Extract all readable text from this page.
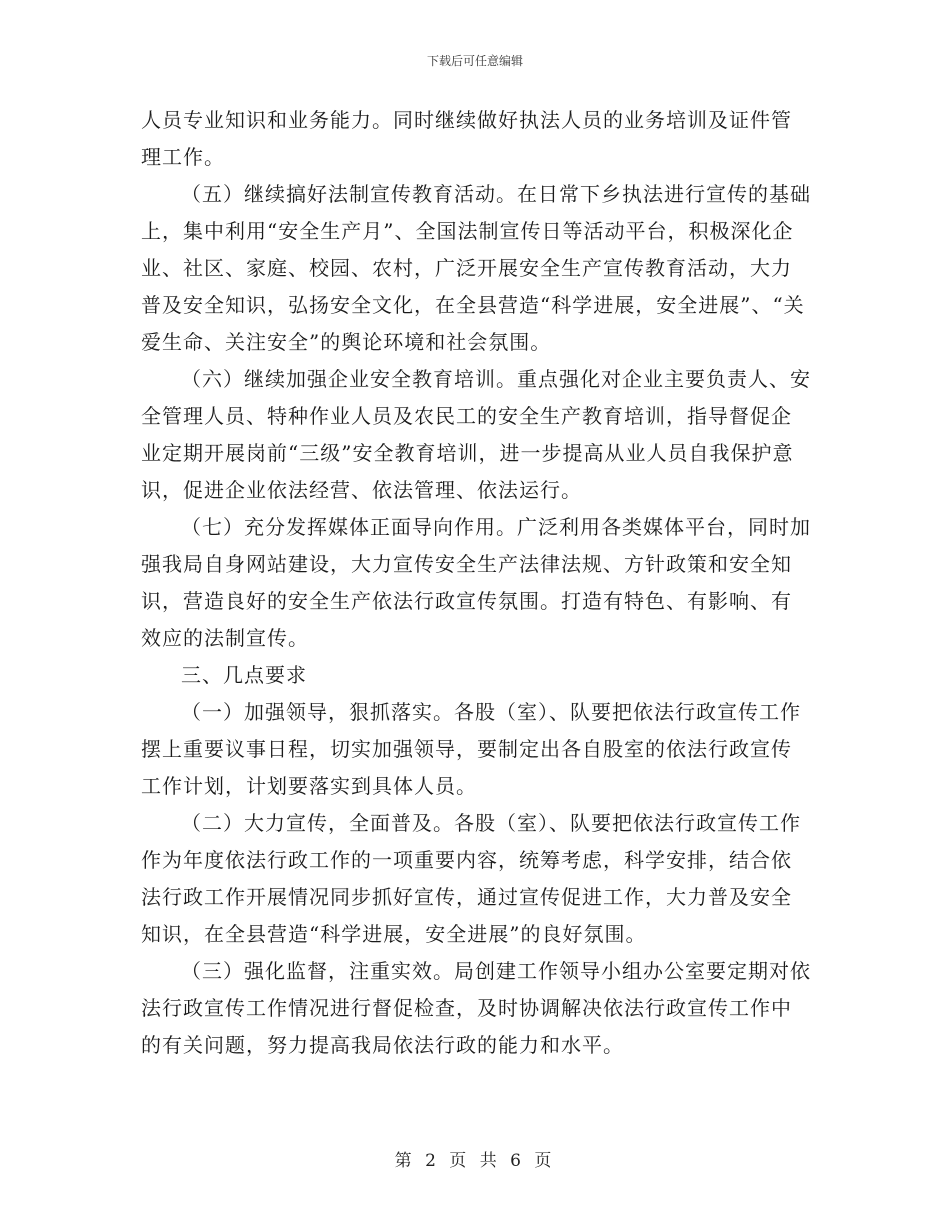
下载后可任意编辑

人员专业知识和业务能力。同时继续做好执法人员的业务培训及证件管理工作。

（五）继续搞好法制宣传教育活动。在日常下乡执法进行宣传的基础上，集中利用“安全生产月”、全国法制宣传日等活动平台，积极深化企业、社区、家庭、校园、农村，广泛开展安全生产宣传教育活动，大力普及安全知识，弘扬安全文化，在全县营造“科学进展，安全进展”、“关爱生命、关注安全”的舆论环境和社会氛围。

（六）继续加强企业安全教育培训。重点强化对企业主要负责人、安全管理人员、特种作业人员及农民工的安全生产教育培训，指导督促企业定期开展岗前“三级”安全教育培训，进一步提高从业人员自我保护意识，促进企业依法经营、依法管理、依法运行。

（七）充分发挥媒体正面导向作用。广泛利用各类媒体平台，同时加强我局自身网站建设，大力宣传安全生产法律法规、方针政策和安全知识，营造良好的安全生产依法行政宣传氛围。打造有特色、有影响、有效应的法制宣传。

三、几点要求

（一）加强领导，狠抓落实。各股（室）、队要把依法行政宣传工作摆上重要议事日程，切实加强领导，要制定出各自股室的依法行政宣传工作计划，计划要落实到具体人员。

（二）大力宣传，全面普及。各股（室）、队要把依法行政宣传工作作为年度依法行政工作的一项重要内容，统筹考虑，科学安排，结合依法行政工作开展情况同步抓好宣传，通过宣传促进工作，大力普及安全知识，在全县营造“科学进展，安全进展”的良好氛围。

（三）强化监督，注重实效。局创建工作领导小组办公室要定期对依法行政宣传工作情况进行督促检查，及时协调解决依法行政宣传工作中的有关问题，努力提高我局依法行政的能力和水平。

第 2 页 共 6 页
